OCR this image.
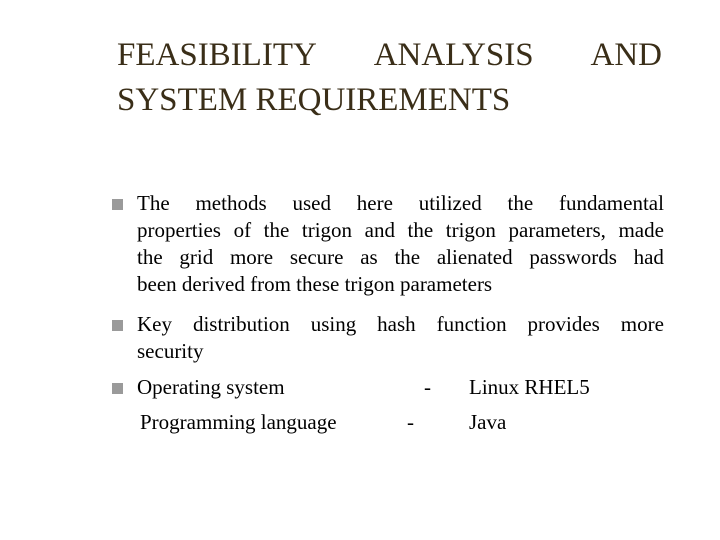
FEASIBILITY ANALYSIS AND
SYSTEM REQUIREMENTS
The methods used here utilized the fundamental
properties of the trigon and the trigon parameters, made
the grid more secure as the alienated passwords had
been derived from these trigon parameters
Key distribution using hash function provides more
security
Operating system	- Linux RHEL5
Programming language	-	Java
